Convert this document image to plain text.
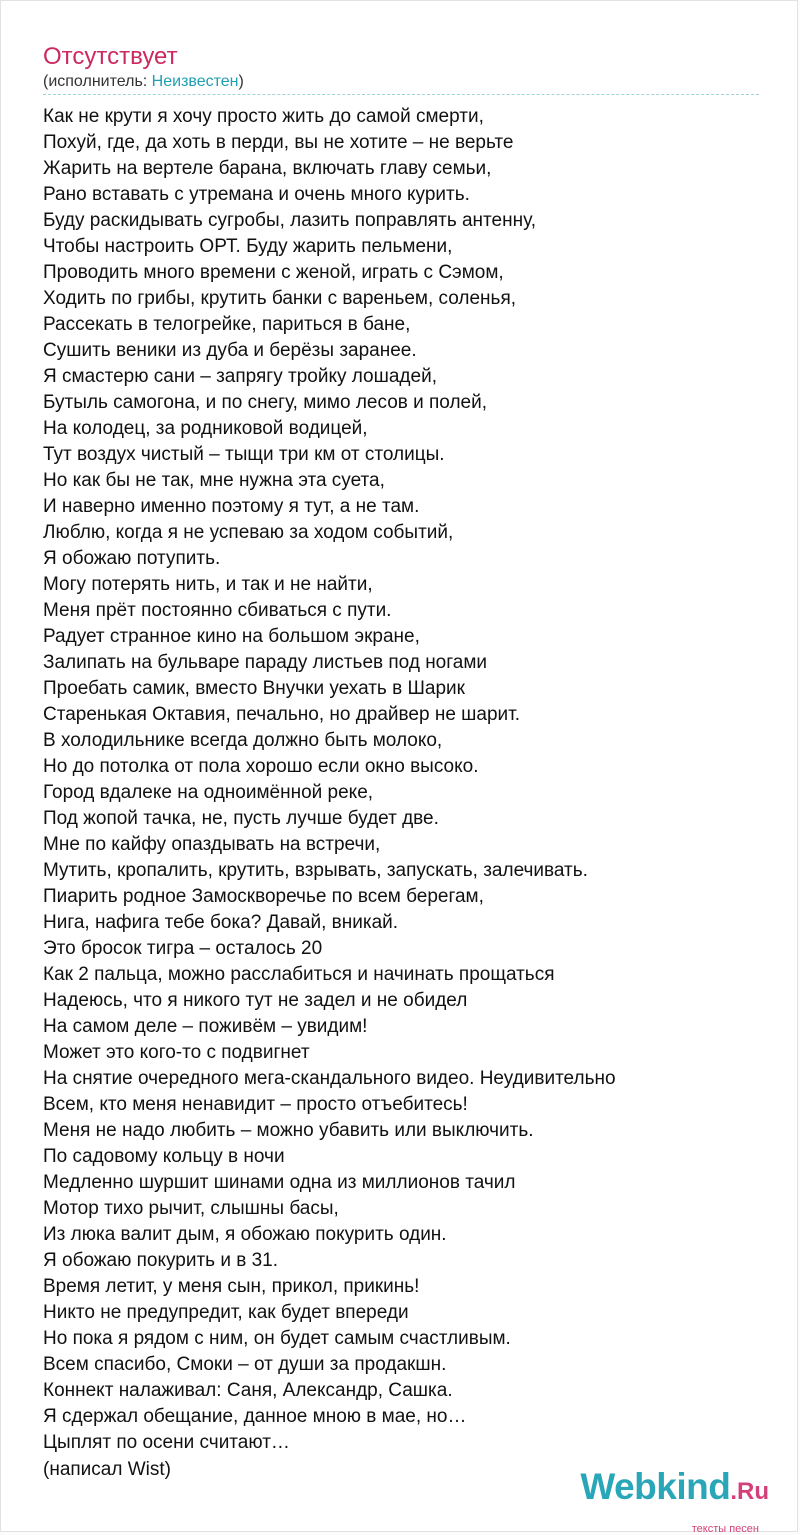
Отсутствует
(исполнитель: Неизвестен)
Как не крути я хочу просто жить до самой смерти,
Похуй, где, да хоть в перди, вы не хотите – не верьте
Жарить на вертеле барана, включать главу семьи,
Рано вставать с утремана и очень много курить.
Буду раскидывать сугробы, лазить поправлять антенну,
Чтобы настроить ОРТ. Буду жарить пельмени,
Проводить много времени с женой, играть с Сэмом,
Ходить по грибы, крутить банки с вареньем, соленья,
Рассекать в телогрейке, париться в бане,
Сушить веники из дуба и берёзы заранее.
Я смастерю сани – запрягу тройку лошадей,
Бутыль самогона, и по снегу, мимо лесов и полей,
На колодец, за родниковой водицей,
Тут воздух чистый – тыщи три км от столицы.
Но как бы не так, мне нужна эта суета,
И наверно именно поэтому я тут, а не там.
Люблю, когда я не успеваю за ходом событий,
Я обожаю потупить.
Могу потерять нить, и так и не найти,
Меня прёт постоянно сбиваться с пути.
Радует странное кино на большом экране,
Залипать на бульваре параду листьев под ногами
Проебать самик, вместо Внучки уехать в Шарик
Старенькая Октавия, печально, но драйвер не шарит.
В холодильнике всегда должно быть молоко,
Но до потолка от пола хорошо если окно высоко.
Город вдалеке на одноимённой реке,
Под жопой тачка, не, пусть лучше будет две.
Мне по кайфу опаздывать на встречи,
Мутить, кропалить, крутить, взрывать, запускать, залечивать.
Пиарить родное Замоскворечье по всем берегам,
Нига, нафига тебе бока? Давай, вникай.
Это бросок тигра – осталось 20
Как 2 пальца, можно расслабиться и начинать прощаться
Надеюсь, что я никого тут не задел и не обидел
На самом деле – поживём – увидим!
Может это кого-то с подвигнет
На снятие очередного мега-скандального видео. Неудивительно
Всем, кто меня ненавидит – просто отъебитесь!
Меня не надо любить – можно убавить или выключить.
По садовому кольцу в ночи
Медленно шуршит шинами одна из миллионов тачил
Мотор тихо рычит, слышны басы,
Из люка валит дым, я обожаю покурить один.
Я обожаю покурить и в 31.
Время летит, у меня сын, прикол, прикинь!
Никто не предупредит, как будет впереди
Но пока я рядом с ним, он будет самым счастливым.
Всем спасибо, Смоки – от души за продакшн.
Коннект налаживал: Саня, Александр, Сашка.
Я сдержал обещание, данное мною в мае, но…
Цыплят по осени считают…
(написал Wist)	Webkind.Ru
тексты песен
